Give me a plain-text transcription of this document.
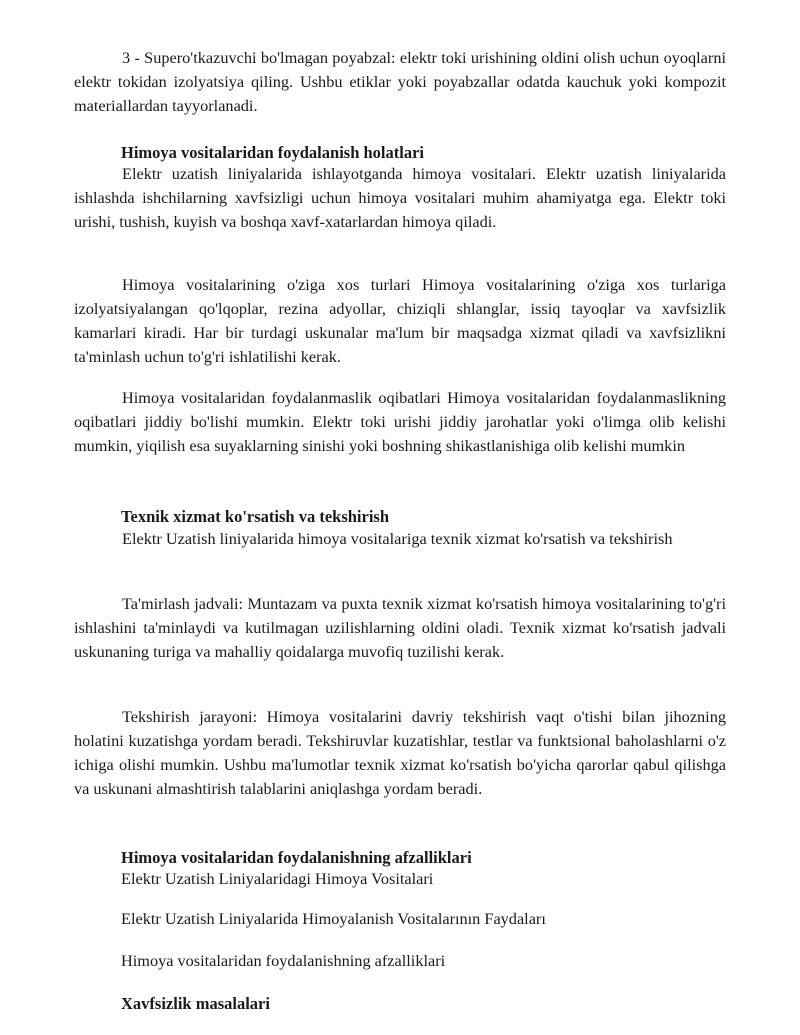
3 - Supero'tkazuvchi bo'lmagan poyabzal: elektr toki urishining oldini olish uchun oyoqlarni elektr tokidan izolyatsiya qiling. Ushbu etiklar yoki poyabzallar odatda kauchuk yoki kompozit materiallardan tayyorlanadi.

Himoya vositalaridan foydalanish holatlari

Elektr uzatish liniyalarida ishlayotganda himoya vositalari. Elektr uzatish liniyalarida ishlashda ishchilarning xavfsizligi uchun himoya vositalari muhim ahamiyatga ega. Elektr toki urishi, tushish, kuyish va boshqa xavf-xatarlardan himoya qiladi.

Himoya vositalarining o'ziga xos turlari Himoya vositalarining o'ziga xos turlariga izolyatsiyalangan qo'lqoplar, rezina adyollar, chiziqli shlanglar, issiq tayoqlar va xavfsizlik kamarlari kiradi. Har bir turdagi uskunalar ma'lum bir maqsadga xizmat qiladi va xavfsizlikni ta'minlash uchun to'g'ri ishlatilishi kerak.

Himoya vositalaridan foydalanmaslik oqibatlari Himoya vositalaridan foydalanmaslikning oqibatlari jiddiy bo'lishi mumkin. Elektr toki urishi jiddiy jarohatlar yoki o'limga olib kelishi mumkin, yiqilish esa suyaklarning sinishi yoki boshning shikastlanishiga olib kelishi mumkin

Texnik xizmat ko'rsatish va tekshirish

Elektr Uzatish liniyalarida himoya vositalariga texnik xizmat ko'rsatish va tekshirish

Ta'mirlash jadvali: Muntazam va puxta texnik xizmat ko'rsatish himoya vositalarining to'g'ri ishlashini ta'minlaydi va kutilmagan uzilishlarning oldini oladi. Texnik xizmat ko'rsatish jadvali uskunaning turiga va mahalliy qoidalarga muvofiq tuzilishi kerak.

Tekshirish jarayoni: Himoya vositalarini davriy tekshirish vaqt o'tishi bilan jihozning holatini kuzatishga yordam beradi. Tekshiruvlar kuzatishlar, testlar va funktsional baholashlarni o'z ichiga olishi mumkin. Ushbu ma'lumotlar texnik xizmat ko'rsatish bo'yicha qarorlar qabul qilishga va uskunani almashtirish talablarini aniqlashga yordam beradi.

Himoya vositalaridan foydalanishning afzalliklari

Elektr Uzatish Liniyalaridagi Himoya Vositalari

Elektr Uzatish Liniyalarida Himoyalanish Vositalarının Faydaları

Himoya vositalaridan foydalanishning afzalliklari

Xavfsizlik masalalari
